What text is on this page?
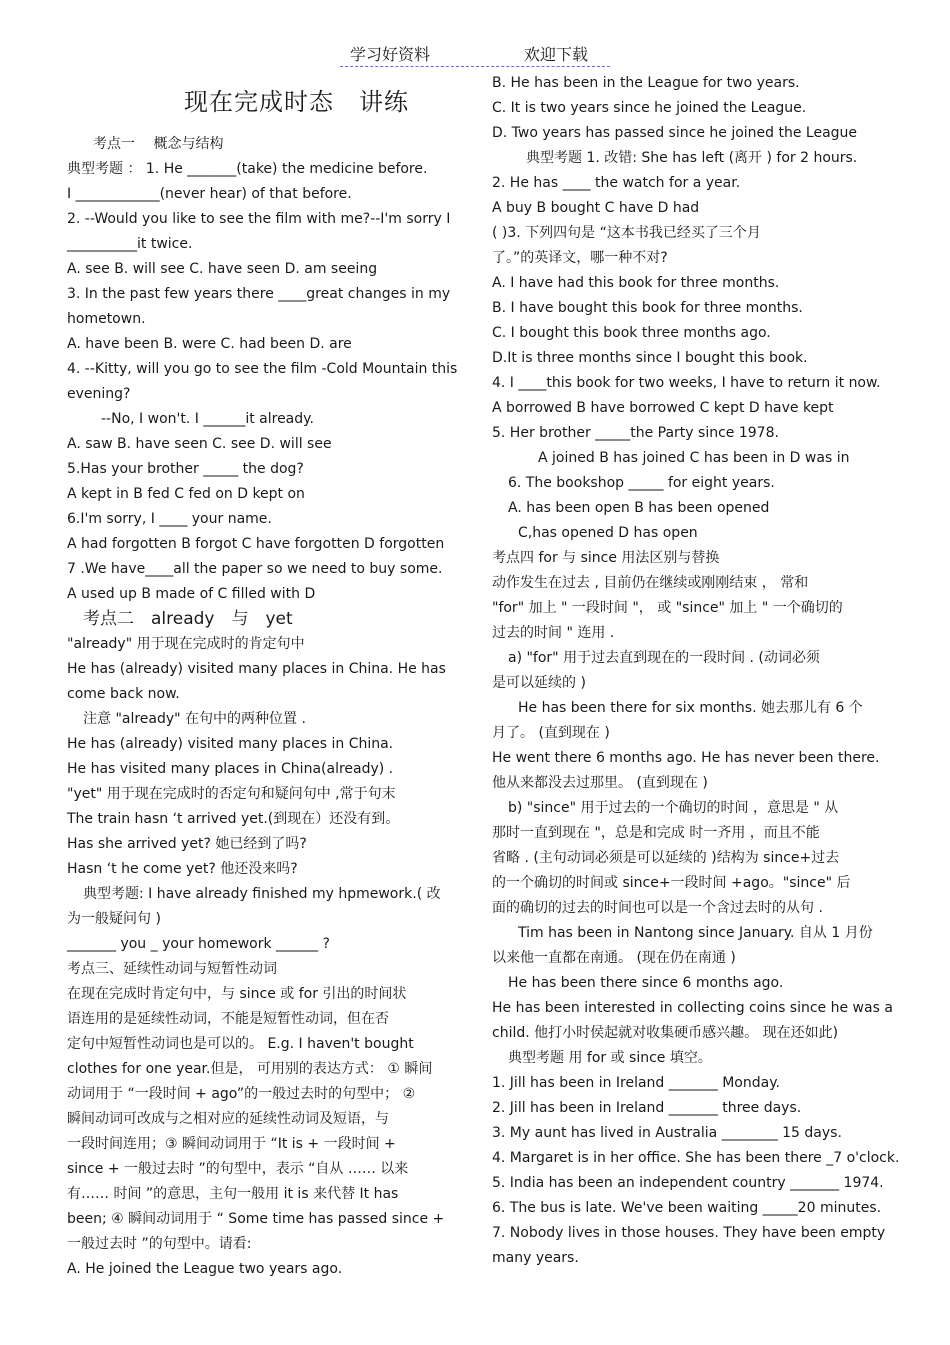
学习好资料	欢迎下载
现在完成时态　讲练
考点一　 概念与结构
典型考题 ： 1. He _______(take) the medicine before.
I ____________(never hear) of that before.
2. --Would you like to see the film with me?--I'm sorry I
__________it twice.
A. see B. will see C. have seen D. am seeing
3. In the past few years there ____great changes in my
hometown.
A. have been B. were C. had been D. are
4. --Kitty, will you go to see the film -Cold Mountain this
evening?
--No, I won't. I ______it already.
A. saw B. have seen C. see D. will see
5.Has your brother _____ the dog?
A kept in B fed C fed on D kept on
6.I'm sorry, I ____ your name.
A had forgotten B forgot C have forgotten D forgotten
7 .We have____all the paper so we need to buy some.
A used up B made of C filled with D
考点二　already　与　yet
"already" 用于现在完成时的肯定句中
He has (already) visited many places in China. He has
come back now.
注意 "already" 在句中的两种位置 .
He has (already) visited many places in China.
He has visited many places in China(already) .
"yet" 用于现在完成时的否定句和疑问句中 ,常于句末
The train hasn ‘t arrived yet.(到现在）还没有到。
Has she arrived yet? 她已经到了吗?
Hasn ‘t he come yet? 他还没来吗?
典型考题: I have already finished my hpmework.( 改
为一般疑问句 )
_______ you _ your homework ______ ?
考点三、延续性动词与短暂性动词
在现在完成时肯定句中，与 since 或 for 引出的时间状
语连用的是延续性动词，不能是短暂性动词，但在否
定句中短暂性动词也是可以的。 E.g. I haven't bought
clothes for one year.但是， 可用别的表达方式： ① 瞬间
动词用于 “一段时间 + ago”的一般过去时的句型中； ②
瞬间动词可改成与之相对应的延续性动词及短语，与
一段时间连用；③ 瞬间动词用于 “It is + 一段时间 +
since + 一般过去时 ”的句型中，表示 “自从 …… 以来
有…… 时间 ”的意思，主句一般用 it is 来代替 It has
been; ④ 瞬间动词用于 “ Some time has passed since +
一般过去时 ”的句型中。请看:
A. He joined the League two years ago.
B. He has been in the League for two years.
C. It is two years since he joined the League.
D. Two years has passed since he joined the League
典型考题 1. 改错: She has left (离开 ) for 2 hours.
2. He has ____ the watch for a year.
A buy B bought C have D had
( )3. 下列四句是 “这本书我已经买了三个月
了。”的英译文，哪一种不对?
A. I have had this book for three months.
B. I have bought this book for three months.
C. I bought this book three months ago.
D.It is three months since I bought this book.
4. I ____this book for two weeks, I have to return it now.
A borrowed B have borrowed C kept D have kept
5. Her brother _____the Party since 1978.
A joined B has joined C has been in D was in
6. The bookshop _____ for eight years.
A. has been open B has been opened
C,has opened D has open
考点四 for 与 since 用法区别与替换
动作发生在过去 , 目前仍在继续或刚刚结束 ， 常和
"for" 加上 " 一段时间 "， 或 "since" 加上 " 一个确切的
过去的时间 " 连用 .
a) "for" 用于过去直到现在的一段时间 . (动词必须
是可以延续的 )
He has been there for six months. 她去那儿有 6 个
月了。 (直到现在 )
He went there 6 months ago. He has never been there.
他从来都没去过那里。 (直到现在 )
b) "since" 用于过去的一个确切的时间 ，意思是 " 从
那时一直到现在 "，总是和完成 时一齐用 ，而且不能
省略 . (主句动词必须是可以延续的 )结构为 since+过去
的一个确切的时间或 since+一段时间 +ago。"since" 后
面的确切的过去的时间也可以是一个含过去时的从句 .
Tim has been in Nantong since January. 自从 1 月份
以来他一直都在南通。 (现在仍在南通 )
He has been there since 6 months ago.
He has been interested in collecting coins since he was a
child. 他打小时侯起就对收集硬币感兴趣。 现在还如此)
典型考题 用 for 或 since 填空。
1. Jill has been in Ireland _______ Monday.
2. Jill has been in Ireland _______ three days.
3. My aunt has lived in Australia ________ 15 days.
4. Margaret is in her office. She has been there _7 o'clock.
5. India has been an independent country _______ 1974.
6. The bus is late. We've been waiting _____20 minutes.
7. Nobody lives in those houses. They have been empty
many years.
